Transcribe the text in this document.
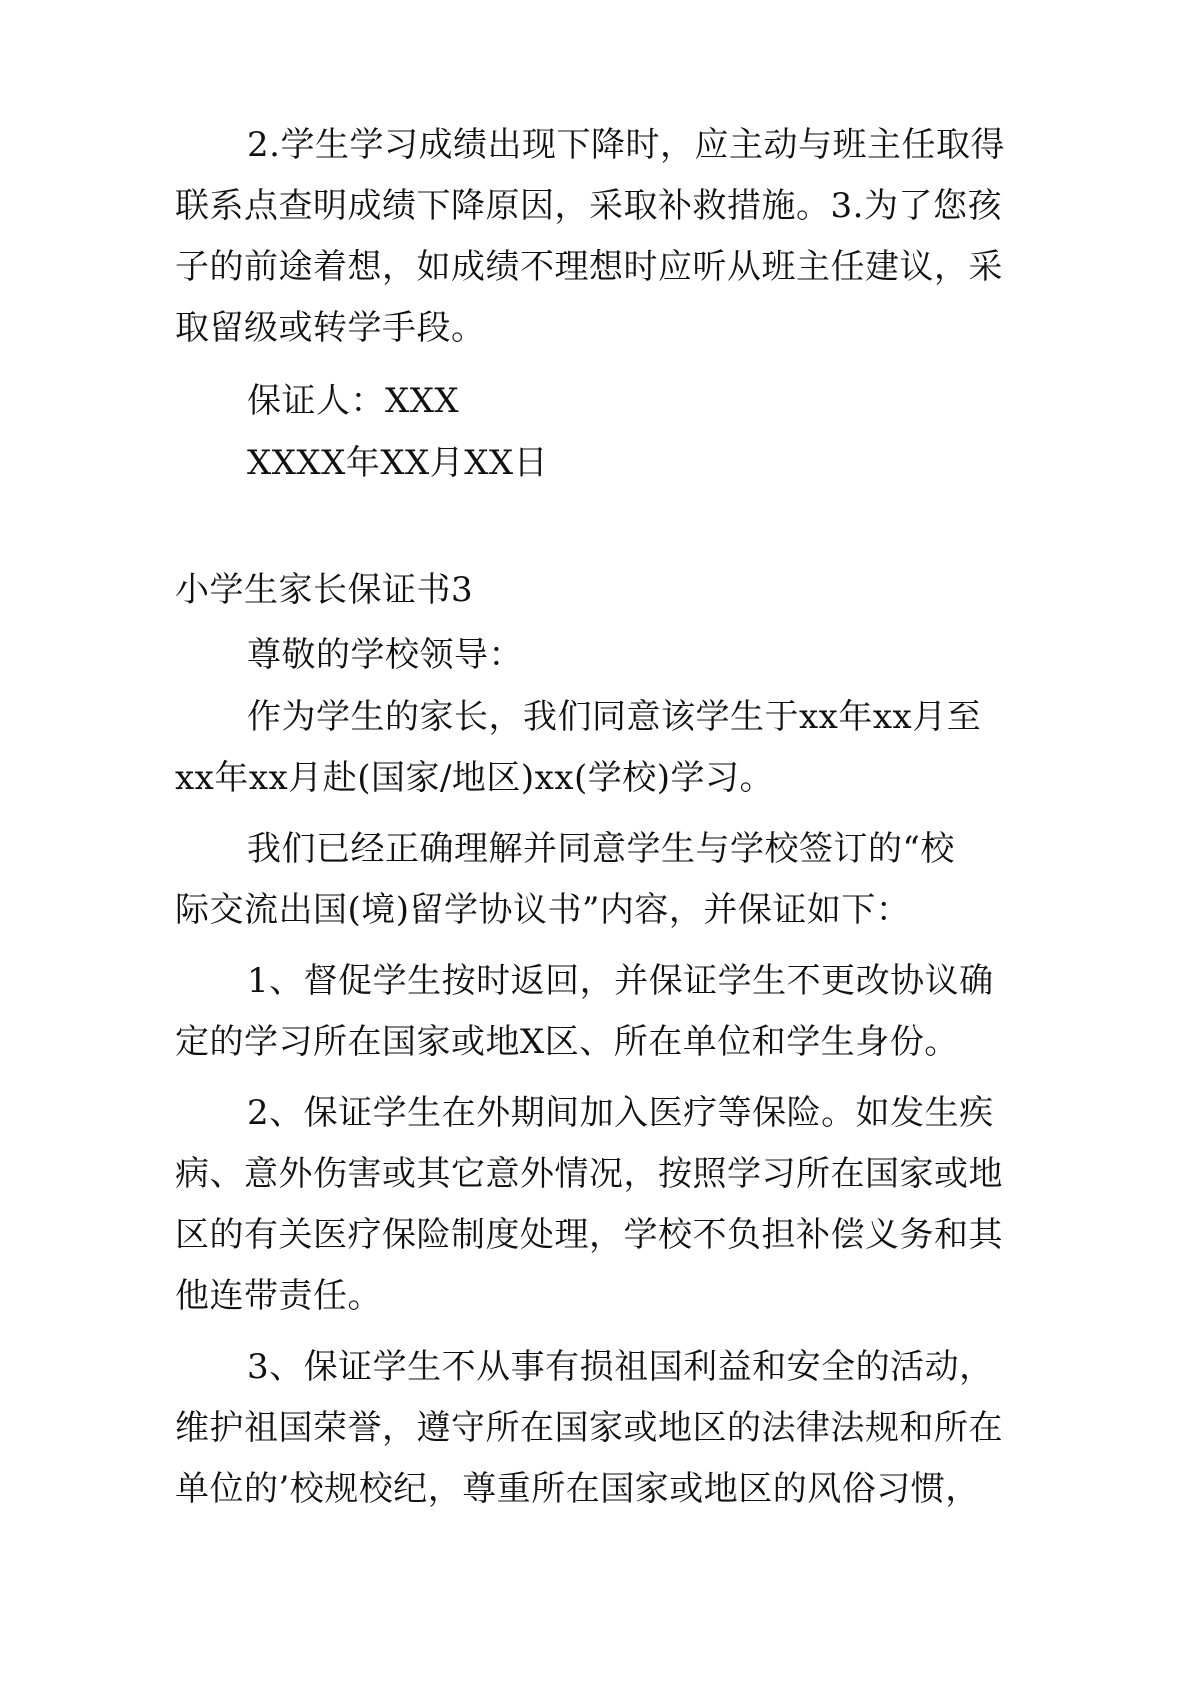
2.学生学习成绩出现下降时，应主动与班主任取得
联系点查明成绩下降原因，采取补救措施。3.为了您孩
子的前途着想，如成绩不理想时应听从班主任建议，采
取留级或转学手段。
保证人：XXX
XXXX年XX月XX日
小学生家长保证书3
尊敬的学校领导：
作为学生的家长，我们同意该学生于xx年xx月至
xx年xx月赴(国家/地区)xx(学校)学习。
我们已经正确理解并同意学生与学校签订的“校
际交流出国(境)留学协议书”内容，并保证如下：
1、督促学生按时返回，并保证学生不更改协议确
定的学习所在国家或地X区、所在单位和学生身份。
2、保证学生在外期间加入医疗等保险。如发生疾
病、意外伤害或其它意外情况，按照学习所在国家或地
区的有关医疗保险制度处理，学校不负担补偿义务和其
他连带责任。
3、保证学生不从事有损祖国利益和安全的活动，
维护祖国荣誉，遵守所在国家或地区的法律法规和所在
单位的’校规校纪，尊重所在国家或地区的风俗习惯，
